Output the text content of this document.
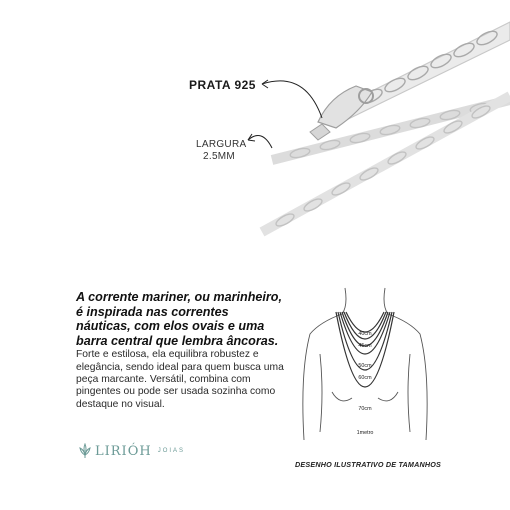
PRATA 925
LARGURA
2.5MM
A corrente mariner, ou marinheiro, é inspirada nas correntes náuticas, com elos ovais e uma barra central que lembra âncoras.

Forte e estilosa, ela equilibra robustez e elegância, sendo ideal para quem busca uma peça marcante. Versátil, combina com pingentes ou pode ser usada sozinha como destaque no visual.

LIRIÓH JOIAS
40cm
45cm
50cm
60cm
70cm
1metro
DESENHO ILUSTRATIVO DE TAMANHOS
